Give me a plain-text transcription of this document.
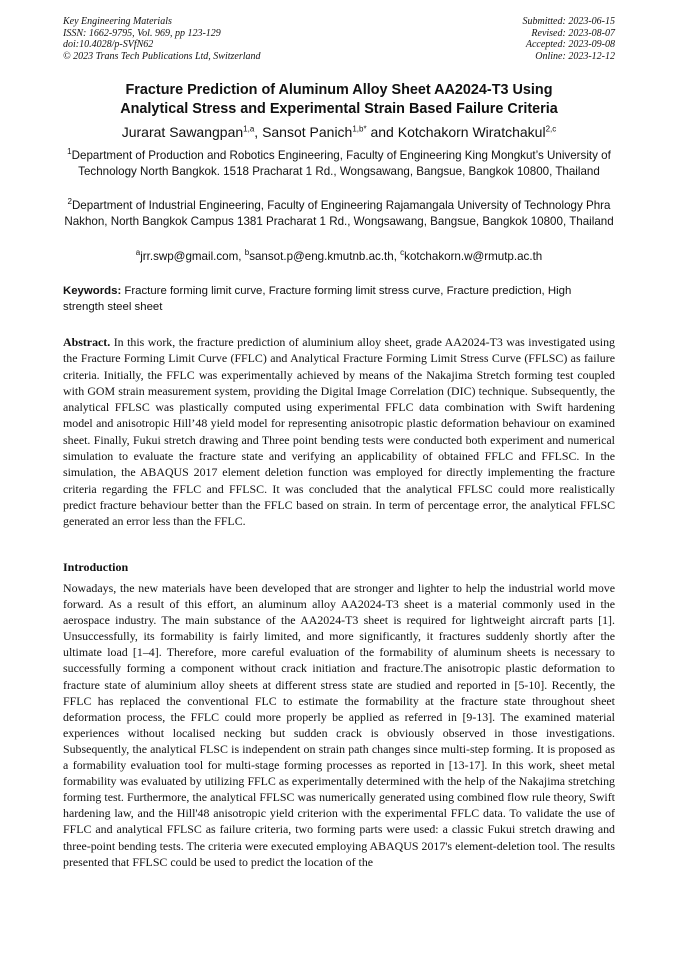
Key Engineering Materials
ISSN: 1662-9795, Vol. 969, pp 123-129
doi:10.4028/p-SVfN62
© 2023 Trans Tech Publications Ltd, Switzerland
Submitted: 2023-06-15
Revised: 2023-08-07
Accepted: 2023-09-08
Online: 2023-12-12
Fracture Prediction of Aluminum Alloy Sheet AA2024-T3 Using
Analytical Stress and Experimental Strain Based Failure Criteria
Jurarat Sawangpan$^{1,a}$, Sansot Panich$^{1,b*}$ and Kotchakorn Wiratchakul$^{2,c}$
$^1$Department of Production and Robotics Engineering, Faculty of Engineering King Mongkut’s University of Technology North Bangkok. 1518 Pracharat 1 Rd., Wongsawang, Bangsue, Bangkok 10800, Thailand
$^2$Department of Industrial Engineering, Faculty of Engineering Rajamangala University of Technology Phra Nakhon, North Bangkok Campus 1381 Pracharat 1 Rd., Wongsawang, Bangsue, Bangkok 10800, Thailand
$^a$jrr.swp@gmail.com, $^b$sansot.p@eng.kmutnb.ac.th, $^c$kotchakorn.w@rmutp.ac.th
Keywords: Fracture forming limit curve, Fracture forming limit stress curve, Fracture prediction, High strength steel sheet
Abstract. In this work, the fracture prediction of aluminium alloy sheet, grade AA2024-T3 was investigated using the Fracture Forming Limit Curve (FFLC) and Analytical Fracture Forming Limit Stress Curve (FFLSC) as failure criteria. Initially, the FFLC was experimentally achieved by means of the Nakajima Stretch forming test coupled with GOM strain measurement system, providing the Digital Image Correlation (DIC) technique. Subsequently, the analytical FFLSC was plastically computed using experimental FFLC data combination with Swift hardening model and anisotropic Hill’48 yield model for representing anisotropic plastic deformation behaviour on examined sheet. Finally, Fukui stretch drawing and Three point bending tests were conducted both experiment and numerical simulation to evaluate the fracture state and verifying an applicability of obtained FFLC and FFLSC. In the simulation, the ABAQUS 2017 element deletion function was employed for directly implementing the fracture criteria regarding the FFLC and FFLSC. It was concluded that the analytical FFLSC could more realistically predict fracture behaviour better than the FFLC based on strain. In term of percentage error, the analytical FFLSC generated an error less than the FFLC.
Introduction
Nowadays, the new materials have been developed that are stronger and lighter to help the industrial world move forward. As a result of this effort, an aluminum alloy AA2024-T3 sheet is a material commonly used in the aerospace industry. The main substance of the AA2024-T3 sheet is required for lightweight aircraft parts [1]. Unsuccessfully, its formability is fairly limited, and more significantly, it fractures suddenly shortly after the ultimate load [1–4]. Therefore, more careful evaluation of the formability of aluminum sheets is necessary to successfully forming a component without crack initiation and fracture.The anisotropic plastic deformation to fracture state of aluminium alloy sheets at different stress state are studied and reported in [5-10]. Recently, the FFLC has replaced the conventional FLC to estimate the formability at the fracture state throughout sheet deformation process, the FFLC could more properly be applied as referred in [9-13]. The examined material experiences without localised necking but sudden crack is obviously observed in those investigations. Subsequently, the analytical FLSC is independent on strain path changes since multi-step forming. It is proposed as a formability evaluation tool for multi-stage forming processes as reported in [13-17]. In this work, sheet metal formability was evaluated by utilizing FFLC as experimentally determined with the help of the Nakajima stretching forming test. Furthermore, the analytical FFLSC was numerically generated using combined flow rule theory, Swift hardening law, and the Hill'48 anisotropic yield criterion with the experimental FFLC data. To validate the use of FFLC and analytical FFLSC as failure criteria, two forming parts were used: a classic Fukui stretch drawing and three-point bending tests. The criteria were executed employing ABAQUS 2017's element-deletion tool. The results presented that FFLSC could be used to predict the location of the
